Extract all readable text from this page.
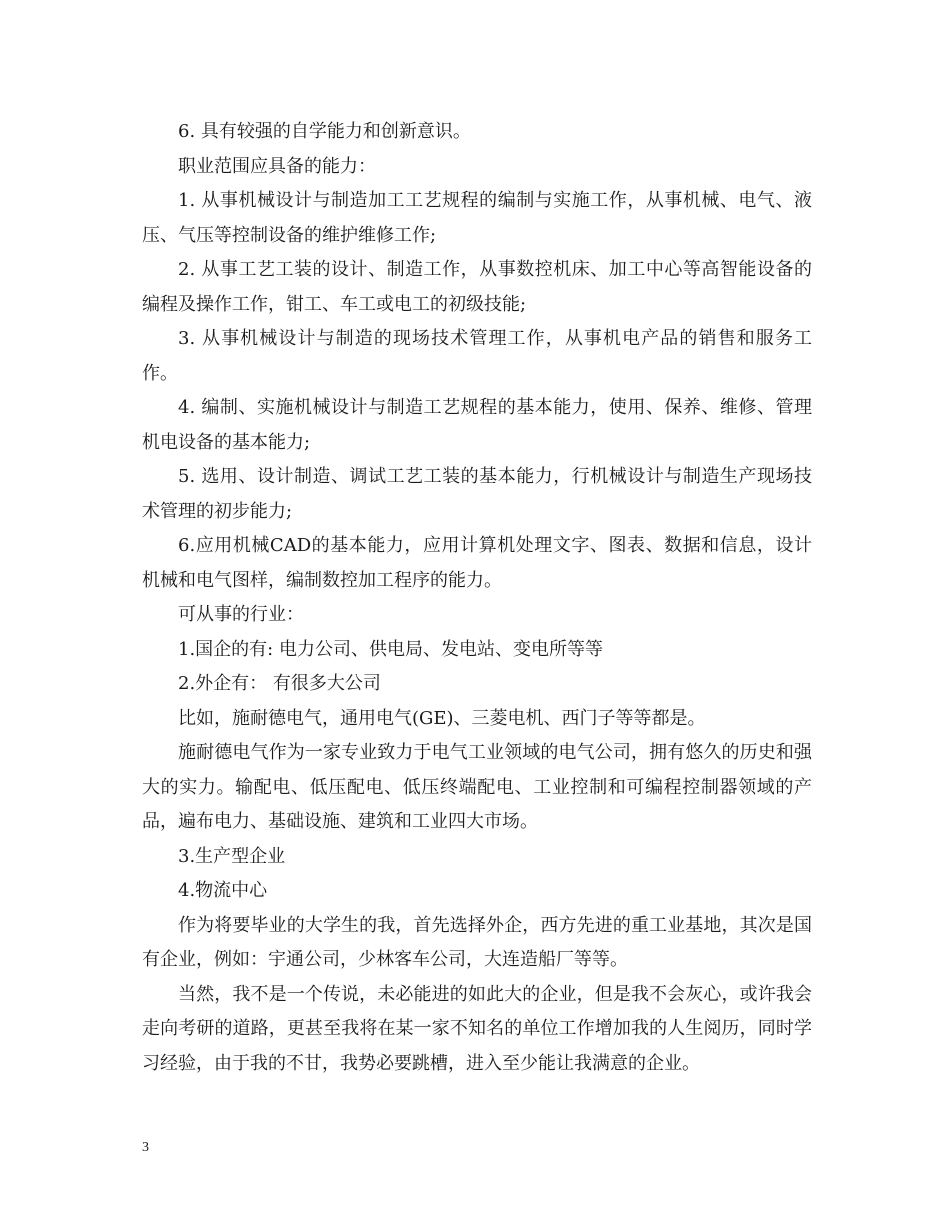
6. 具有较强的自学能力和创新意识。

职业范围应具备的能力：

1. 从事机械设计与制造加工工艺规程的编制与实施工作，从事机械、电气、液压、气压等控制设备的维护维修工作;

2. 从事工艺工装的设计、制造工作，从事数控机床、加工中心等高智能设备的编程及操作工作，钳工、车工或电工的初级技能;

3. 从事机械设计与制造的现场技术管理工作，从事机电产品的销售和服务工作。

4. 编制、实施机械设计与制造工艺规程的基本能力，使用、保养、维修、管理机电设备的基本能力;

5. 选用、设计制造、调试工艺工装的基本能力，行机械设计与制造生产现场技术管理的初步能力;

6.应用机械CAD的基本能力，应用计算机处理文字、图表、数据和信息，设计机械和电气图样，编制数控加工程序的能力。

可从事的行业：

1.国企的有: 电力公司、供电局、发电站、变电所等等

2.外企有： 有很多大公司

比如，施耐德电气，通用电气(GE)、三菱电机、西门子等等都是。

施耐德电气作为一家专业致力于电气工业领域的电气公司，拥有悠久的历史和强大的实力。输配电、低压配电、低压终端配电、工业控制和可编程控制器领域的产品，遍布电力、基础设施、建筑和工业四大市场。

3.生产型企业

4.物流中心

作为将要毕业的大学生的我，首先选择外企，西方先进的重工业基地，其次是国有企业，例如：宇通公司，少林客车公司，大连造船厂等等。

当然，我不是一个传说，未必能进的如此大的企业，但是我不会灰心，或许我会走向考研的道路，更甚至我将在某一家不知名的单位工作增加我的人生阅历，同时学习经验，由于我的不甘，我势必要跳槽，进入至少能让我满意的企业。

3
